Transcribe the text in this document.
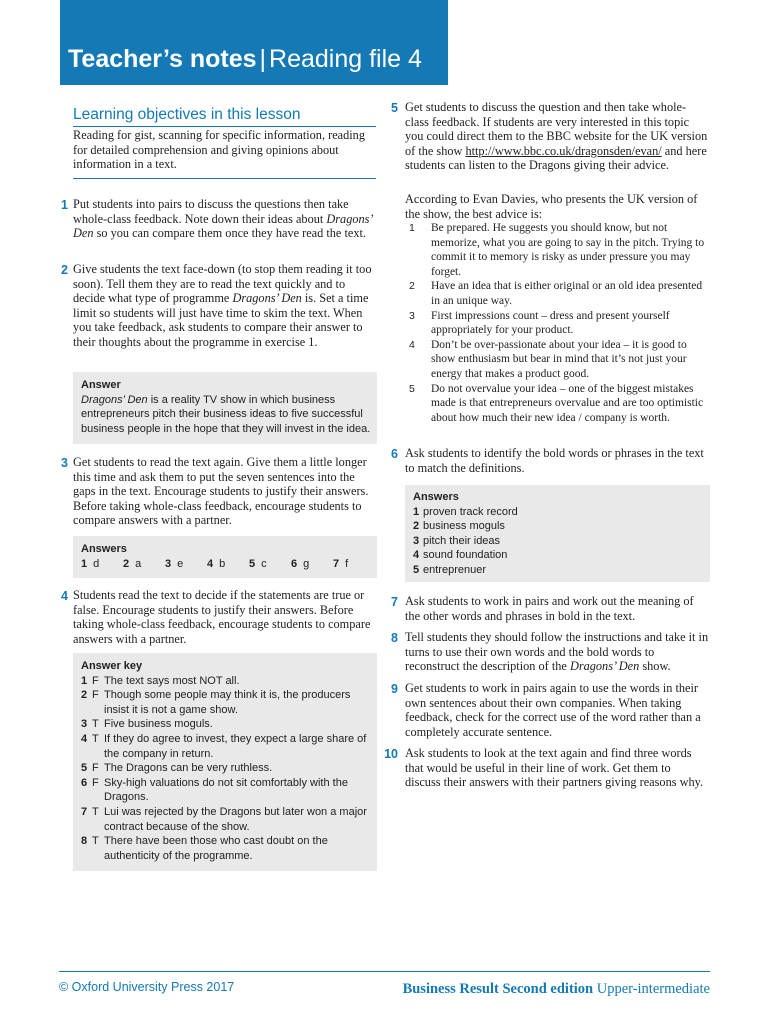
Teacher’s notes | Reading file 4
Learning objectives in this lesson
Reading for gist, scanning for specific information, reading for detailed comprehension and giving opinions about information in a text.
1 Put students into pairs to discuss the questions then take whole-class feedback. Note down their ideas about Dragons’ Den so you can compare them once they have read the text.
2 Give students the text face-down (to stop them reading it too soon). Tell them they are to read the text quickly and to decide what type of programme Dragons’ Den is. Set a time limit so students will just have time to skim the text. When you take feedback, ask students to compare their answer to their thoughts about the programme in exercise 1.
Answer
Dragons’ Den is a reality TV show in which business entrepreneurs pitch their business ideas to five successful business people in the hope that they will invest in the idea.
3 Get students to read the text again. Give them a little longer this time and ask them to put the seven sentences into the gaps in the text. Encourage students to justify their answers. Before taking whole-class feedback, encourage students to compare answers with a partner.
Answers
1 d	2 a	3 e	4 b	5 c	6 g	7 f
4 Students read the text to decide if the statements are true or false. Encourage students to justify their answers. Before taking whole-class feedback, encourage students to compare answers with a partner.
Answer key
1 F The text says most NOT all.
2 F Though some people may think it is, the producers insist it is not a game show.
3 T Five business moguls.
4 T If they do agree to invest, they expect a large share of the company in return.
5 F The Dragons can be very ruthless.
6 F Sky-high valuations do not sit comfortably with the Dragons.
7 T Lui was rejected by the Dragons but later won a major contract because of the show.
8 T There have been those who cast doubt on the authenticity of the programme.
5 Get students to discuss the question and then take whole-class feedback. If students are very interested in this topic you could direct them to the BBC website for the UK version of the show http://www.bbc.co.uk/dragonsden/evan/ and here students can listen to the Dragons giving their advice.
According to Evan Davies, who presents the UK version of the show, the best advice is:
1	Be prepared. He suggests you should know, but not memorize, what you are going to say in the pitch. Trying to commit it to memory is risky as under pressure you may forget.
2	Have an idea that is either original or an old idea presented in an unique way.
3	First impressions count – dress and present yourself appropriately for your product.
4	Don’t be over-passionate about your idea – it is good to show enthusiasm but bear in mind that it’s not just your energy that makes a product good.
5	Do not overvalue your idea – one of the biggest mistakes made is that entrepreneurs overvalue and are too optimistic about how much their new idea / company is worth.
6 Ask students to identify the bold words or phrases in the text to match the definitions.
Answers
1 proven track record
2 business moguls
3 pitch their ideas
4 sound foundation
5 entreprenuer
7 Ask students to work in pairs and work out the meaning of the other words and phrases in bold in the text.
8 Tell students they should follow the instructions and take it in turns to use their own words and the bold words to reconstruct the description of the Dragons’ Den show.
9 Get students to work in pairs again to use the words in their own sentences about their own companies. When taking feedback, check for the correct use of the word rather than a completely accurate sentence.
10 Ask students to look at the text again and find three words that would be useful in their line of work. Get them to discuss their answers with their partners giving reasons why.
© Oxford University Press 2017	Business Result Second edition Upper-intermediate
